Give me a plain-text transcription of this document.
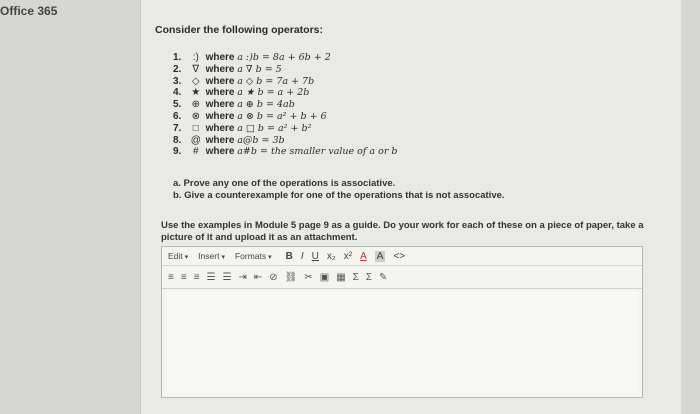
Office 365
Consider the following operators:
1. :) where a :)b = 8a + 6b + 2
2. ∇ where a ∇ b = 5
3. ◇ where a ◇ b = 7a + 7b
4. ★ where a ★ b = a + 2b
5. ⊕ where a ⊕ b = 4ab
6. ⊗ where a ⊗ b = a² + b + 6
7. □ where a □ b = a² + b²
8. @ where a@b = 3b
9. # where a#b = the smaller value of a or b
a. Prove any one of the operations is associative.
b. Give a counterexample for one of the operations that is not assocative.
Use the examples in Module 5 page 9 as a guide. Do your work for each of these on a piece of paper, take a picture of it and upload it as an attachment.
Edit ▾ Insert ▾ Formats ▾ B I U x₂ x² A A <>
≡ ≡ ≡ ☰ ☰ ⇥ ⇤ ⊘ ⛓ ✂ ▣ ▦ Σ Σ ✎
